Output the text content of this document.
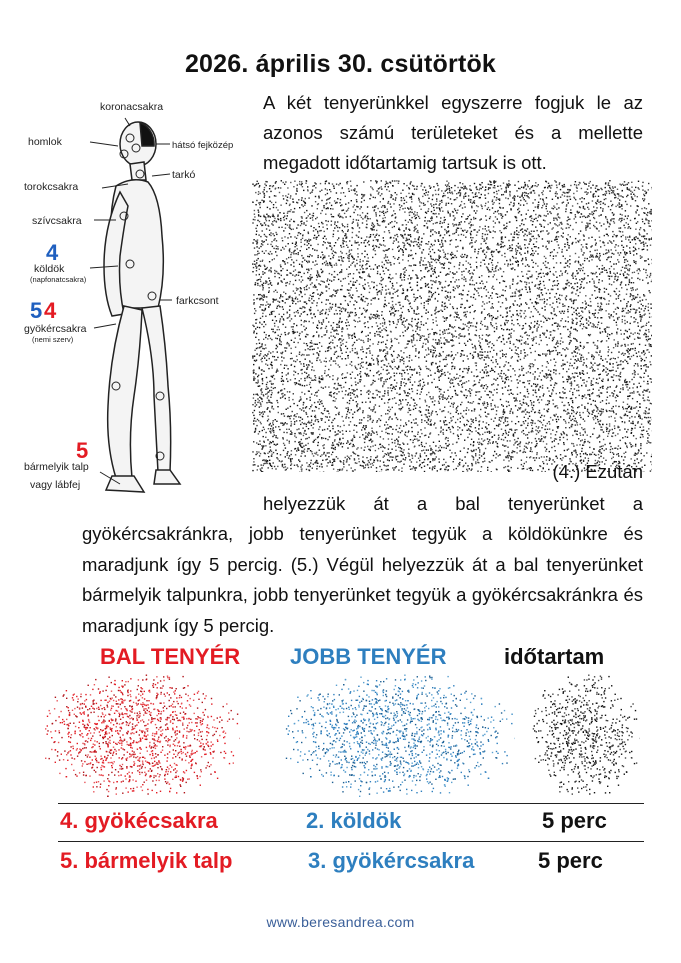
2026. április 30. csütörtök
koronacsakra
homlok	hátsó fejközép
tarkó
torokcsakra
szívcsakra
4
köldök
(napfonatcsakra)
farkcsont
5 4
gyökércsakra
(nemi szerv)
5
bármelyik talp
vagy lábfej
A két tenyerünkkel egyszerre fogjuk le az azonos számú területeket és a mellette megadott időtartamig tartsuk is ott.
(4.) Ezután
helyezzük át a bal tenyerünket a
gyökércsakránkra, jobb tenyerünket tegyük a köldökünkre és maradjunk így 5 percig. (5.) Végül helyezzük át a bal tenyerünket bármelyik talpunkra, jobb tenyerünket tegyük a gyökércsakránkra és maradjunk így 5 percig.
BAL TENYÉR JOBB TENYÉR	időtartam
4. gyökécsakra	2. köldök	5 perc
5. bármelyik talp	3. gyökércsakra	5 perc
www.beresandrea.com
